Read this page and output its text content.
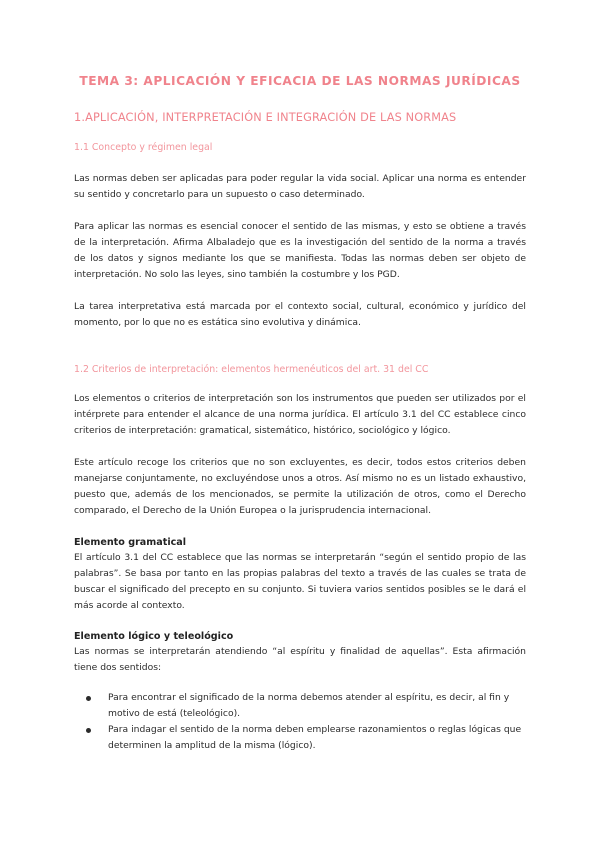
TEMA 3: APLICACIÓN Y EFICACIA DE LAS NORMAS JURÍDICAS
1.APLICACIÓN, INTERPRETACIÓN E INTEGRACIÓN DE LAS NORMAS
1.1 Concepto y régimen legal

Las normas deben ser aplicadas para poder regular la vida social. Aplicar una norma es entender su sentido y concretarlo para un supuesto o caso determinado.

Para aplicar las normas es esencial conocer el sentido de las mismas, y esto se obtiene a través de la interpretación. Afirma Albaladejo que es la investigación del sentido de la norma a través de los datos y signos mediante los que se manifiesta. Todas las normas deben ser objeto de interpretación. No solo las leyes, sino también la costumbre y los PGD.

La tarea interpretativa está marcada por el contexto social, cultural, económico y jurídico del momento, por lo que no es estática sino evolutiva y dinámica.

1.2 Criterios de interpretación: elementos hermenéuticos del art. 31 del CC

Los elementos o criterios de interpretación son los instrumentos que pueden ser utilizados por el intérprete para entender el alcance de una norma jurídica. El artículo 3.1 del CC establece cinco criterios de interpretación: gramatical, sistemático, histórico, sociológico y lógico.

Este artículo recoge los criterios que no son excluyentes, es decir, todos estos criterios deben manejarse conjuntamente, no excluyéndose unos a otros. Así mismo no es un listado exhaustivo, puesto que, además de los mencionados, se permite la utilización de otros, como el Derecho comparado, el Derecho de la Unión Europea o la jurisprudencia internacional.

Elemento gramatical

El artículo 3.1 del CC establece que las normas se interpretarán “según el sentido propio de las palabras”. Se basa por tanto en las propias palabras del texto a través de las cuales se trata de buscar el significado del precepto en su conjunto. Si tuviera varios sentidos posibles se le dará el más acorde al contexto.

Elemento lógico y teleológico

Las normas se interpretarán atendiendo “al espíritu y finalidad de aquellas”. Esta afirmación tiene dos sentidos:

Para encontrar el significado de la norma debemos atender al espíritu, es decir, al fin y motivo de está (teleológico).
Para indagar el sentido de la norma deben emplearse razonamientos o reglas lógicas que determinen la amplitud de la misma (lógico).
